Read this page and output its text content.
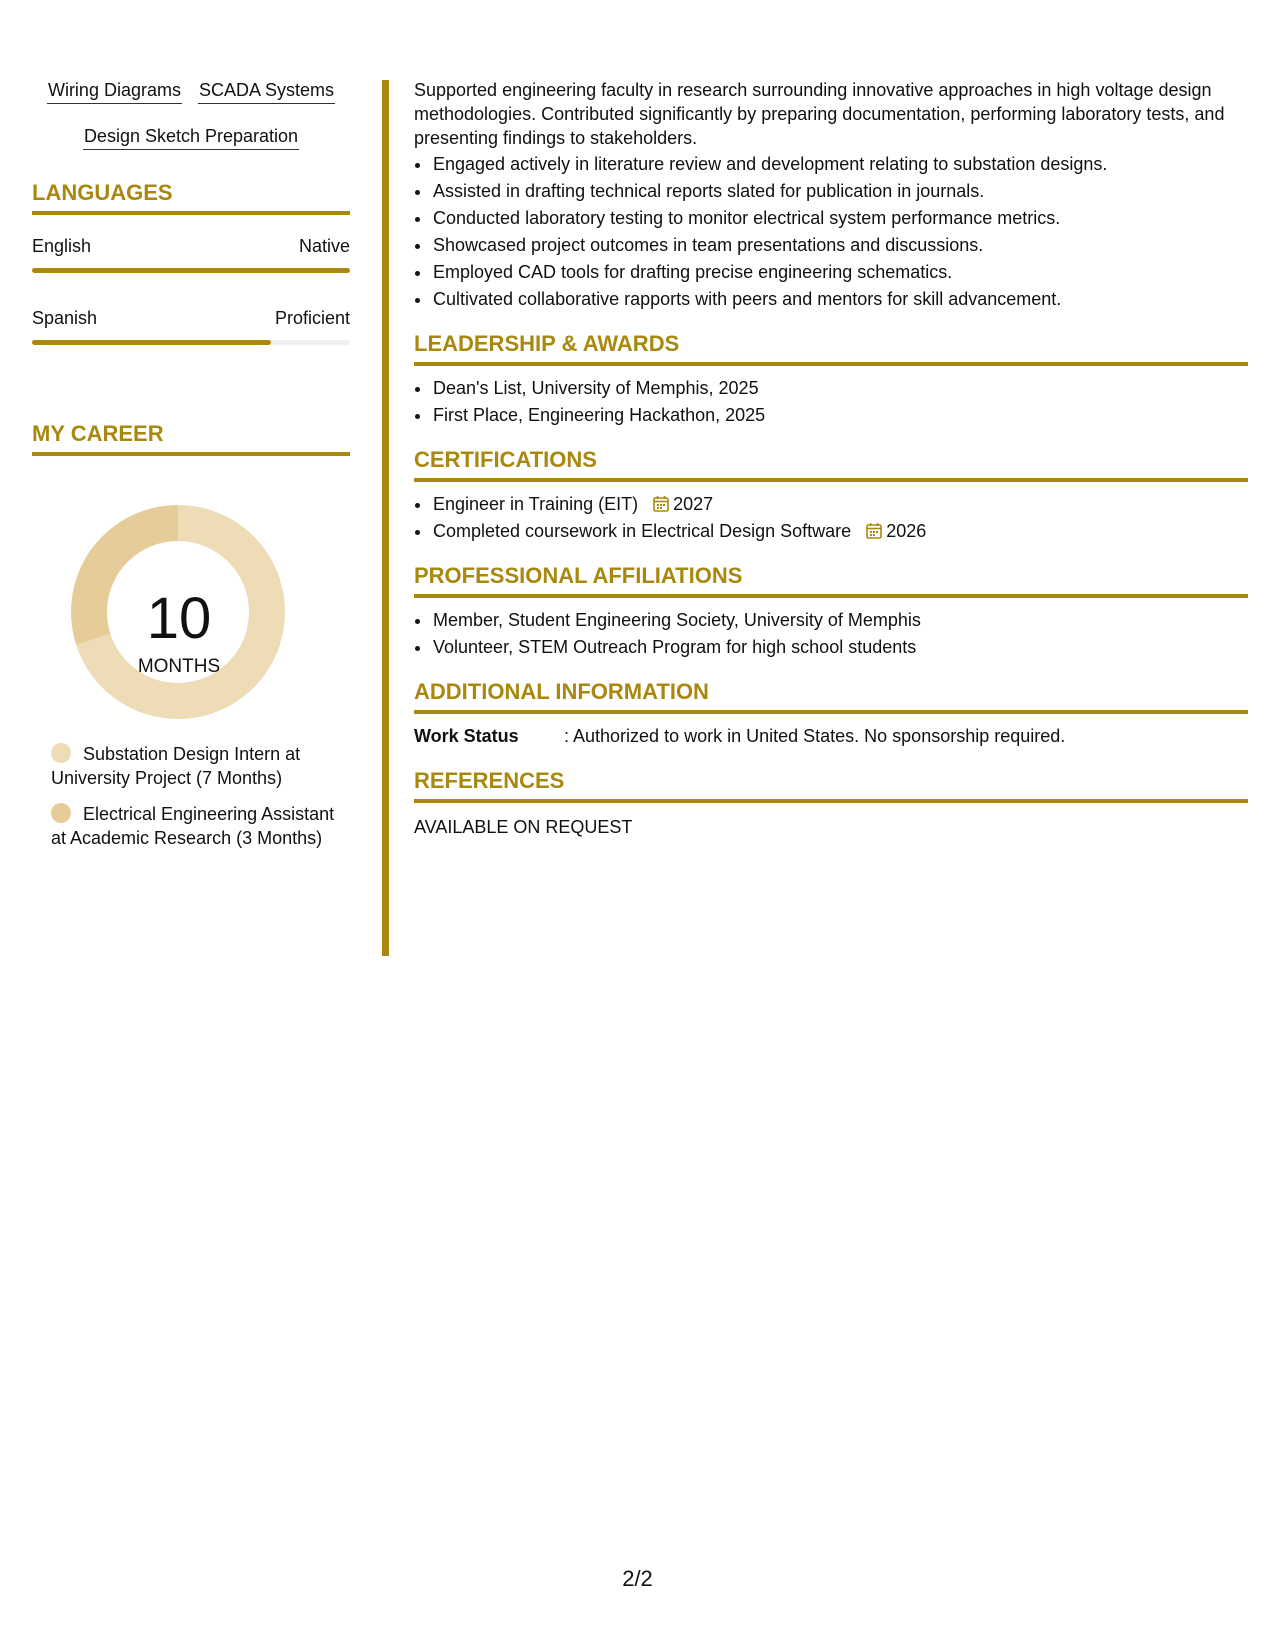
Wiring Diagrams SCADA Systems
Design Sketch Preparation
LANGUAGES
English	Native
Spanish	Proficient
MY CAREER
10
MONTHS
Substation Design Intern at University Project (7 Months)
Electrical Engineering Assistant at Academic Research (3 Months)

Supported engineering faculty in research surrounding innovative approaches in high voltage design methodologies. Contributed significantly by preparing documentation, performing laboratory tests, and presenting findings to stakeholders.

• Engaged actively in literature review and development relating to substation designs.
• Assisted in drafting technical reports slated for publication in journals.
• Conducted laboratory testing to monitor electrical system performance metrics.
• Showcased project outcomes in team presentations and discussions.
• Employed CAD tools for drafting precise engineering schematics.
• Cultivated collaborative rapports with peers and mentors for skill advancement.
LEADERSHIP & AWARDS
• Dean's List, University of Memphis, 2025
• First Place, Engineering Hackathon, 2025
CERTIFICATIONS
• Engineer in Training (EIT) 2027
• Completed coursework in Electrical Design Software 2026
PROFESSIONAL AFFILIATIONS
• Member, Student Engineering Society, University of Memphis
• Volunteer, STEM Outreach Program for high school students
ADDITIONAL INFORMATION
Work Status	: Authorized to work in United States. No sponsorship required.
REFERENCES
AVAILABLE ON REQUEST
2/2
